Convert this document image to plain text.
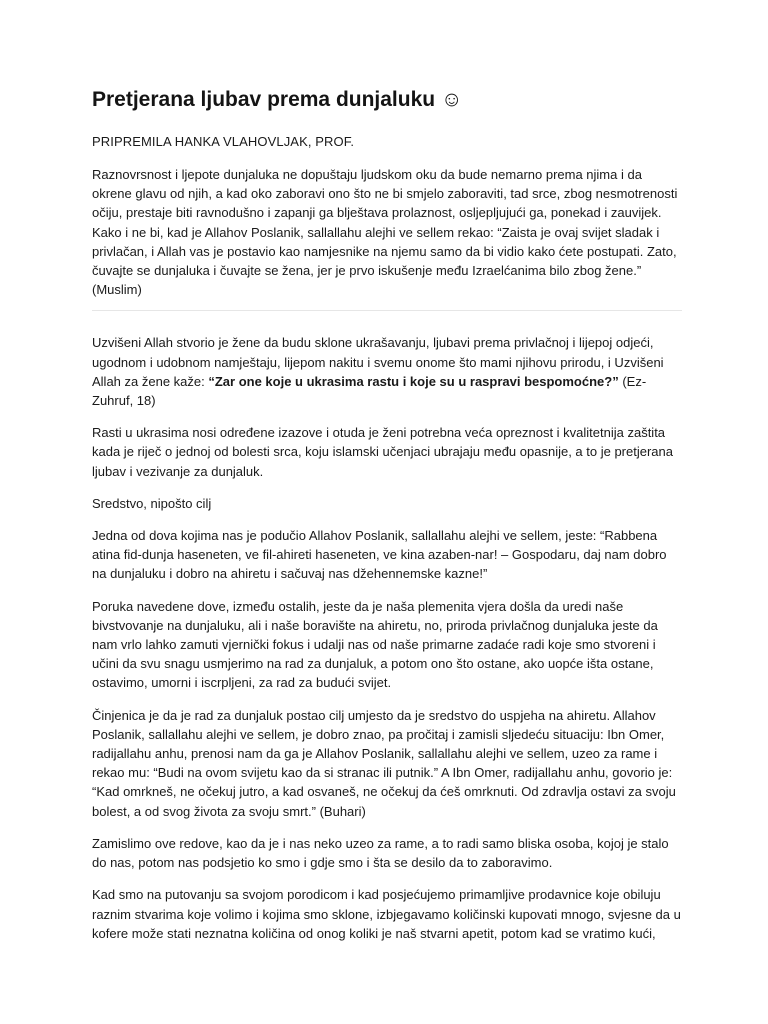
Pretjerana ljubav prema dunjaluku ☺
PRIPREMILA HANKA VLAHOVLJAK, PROF.

Raznovrsnost i ljepote dunjaluka ne dopuštaju ljudskom oku da bude nemarno prema njima i da okrene glavu od njih, a kad oko zaboravi ono što ne bi smjelo zaboraviti, tad srce, zbog nesmotrenosti očiju, prestaje biti ravnodušno i zapanji ga blještava prolaznost, osljepljujući ga, ponekad i zauvijek. Kako i ne bi, kad je Allahov Poslanik, sallallahu alejhi ve sellem rekao: “Zaista je ovaj svijet sladak i privlačan, i Allah vas je postavio kao namjesnike na njemu samo da bi vidio kako ćete postupati. Zato, čuvajte se dunjaluka i čuvajte se žena, jer je prvo iskušenje među Izraelćanima bilo zbog žene.” (Muslim)

Uzvišeni Allah stvorio je žene da budu sklone ukrašavanju, ljubavi prema privlačnoj i lijepoj odjeći, ugodnom i udobnom namještaju, lijepom nakitu i svemu onome što mami njihovu prirodu, i Uzvišeni Allah za žene kaže: “Zar one koje u ukrasima rastu i koje su u raspravi bespomoćne?” (Ez-Zuhruf, 18)

Rasti u ukrasima nosi određene izazove i otuda je ženi potrebna veća opreznost i kvalitetnija zaštita kada je riječ o jednoj od bolesti srca, koju islamski učenjaci ubrajaju među opasnije, a to je pretjerana ljubav i vezivanje za dunjaluk.

Sredstvo, nipošto cilj

Jedna od dova kojima nas je podučio Allahov Poslanik, sallallahu alejhi ve sellem, jeste: “Rabbena atina fid-dunja haseneten, ve fil-ahireti haseneten, ve kina azaben-nar! – Gospodaru, daj nam dobro na dunjaluku i dobro na ahiretu i sačuvaj nas džehennemske kazne!”

Poruka navedene dove, između ostalih, jeste da je naša plemenita vjera došla da uredi naše bivstvovanje na dunjaluku, ali i naše boravište na ahiretu, no, priroda privlačnog dunjaluka jeste da nam vrlo lahko zamuti vjernički fokus i udalji nas od naše primarne zadaće radi koje smo stvoreni i učini da svu snagu usmjerimo na rad za dunjaluk, a potom ono što ostane, ako uopće išta ostane, ostavimo, umorni i iscrpljeni, za rad za budući svijet.

Činjenica je da je rad za dunjaluk postao cilj umjesto da je sredstvo do uspjeha na ahiretu. Allahov Poslanik, sallallahu alejhi ve sellem, je dobro znao, pa pročitaj i zamisli sljedeću situaciju: Ibn Omer, radijallahu anhu, prenosi nam da ga je Allahov Poslanik, sallallahu alejhi ve sellem, uzeo za rame i rekao mu: “Budi na ovom svijetu kao da si stranac ili putnik.” A Ibn Omer, radijallahu anhu, govorio je: “Kad omrkneš, ne očekuj jutro, a kad osvaneš, ne očekuj da ćeš omrknuti. Od zdravlja ostavi za svoju bolest, a od svog života za svoju smrt.” (Buhari)

Zamislimo ove redove, kao da je i nas neko uzeo za rame, a to radi samo bliska osoba, kojoj je stalo do nas, potom nas podsjetio ko smo i gdje smo i šta se desilo da to zaboravimo.

Kad smo na putovanju sa svojom porodicom i kad posjećujemo primamljive prodavnice koje obiluju raznim stvarima koje volimo i kojima smo sklone, izbjegavamo količinski kupovati mnogo, svjesne da u kofere može stati neznatna količina od onog koliki je naš stvarni apetit, potom kad se vratimo kući,
